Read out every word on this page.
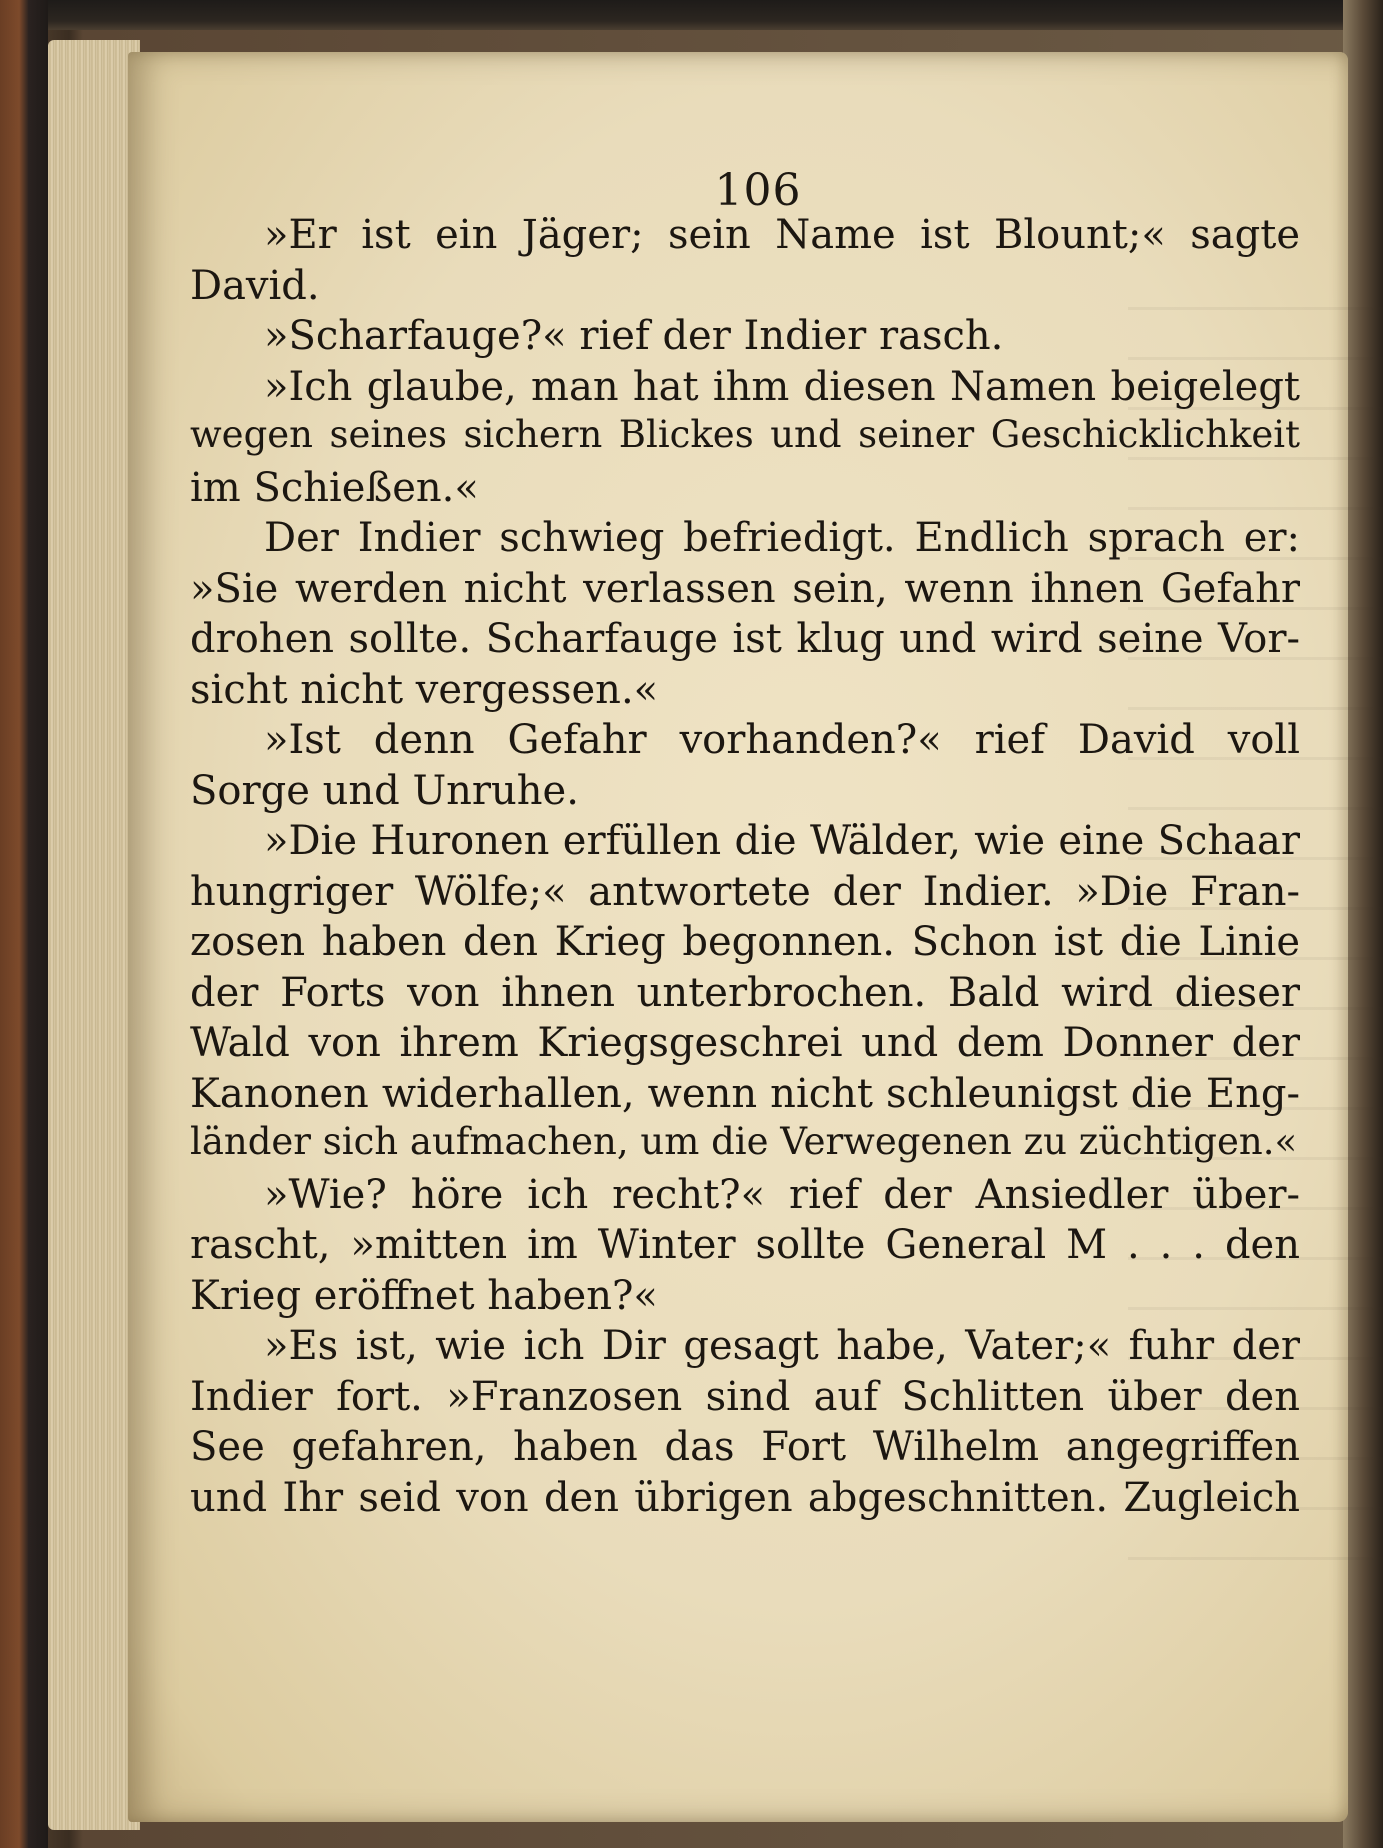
106
»Er ist ein Jäger; sein Name ist Blount;« sagte
David.
»Scharfauge?« rief der Indier rasch.
»Ich glaube, man hat ihm diesen Namen beigelegt
wegen seines sichern Blickes und seiner Geschicklichkeit
im Schießen.«
Der Indier schwieg befriedigt. Endlich sprach er:
»Sie werden nicht verlassen sein, wenn ihnen Gefahr
drohen sollte. Scharfauge ist klug und wird seine Vor-
sicht nicht vergessen.«
»Ist denn Gefahr vorhanden?« rief David voll
Sorge und Unruhe.
»Die Huronen erfüllen die Wälder, wie eine Schaar
hungriger Wölfe;« antwortete der Indier. »Die Fran-
zosen haben den Krieg begonnen. Schon ist die Linie
der Forts von ihnen unterbrochen. Bald wird dieser
Wald von ihrem Kriegsgeschrei und dem Donner der
Kanonen widerhallen, wenn nicht schleunigst die Eng-
länder sich aufmachen, um die Verwegenen zu züchtigen.«
»Wie? höre ich recht?« rief der Ansiedler über-
rascht, »mitten im Winter sollte General M . . . den
Krieg eröffnet haben?«
»Es ist, wie ich Dir gesagt habe, Vater;« fuhr der
Indier fort. »Franzosen sind auf Schlitten über den
See gefahren, haben das Fort Wilhelm angegriffen
und Ihr seid von den übrigen abgeschnitten. Zugleich
